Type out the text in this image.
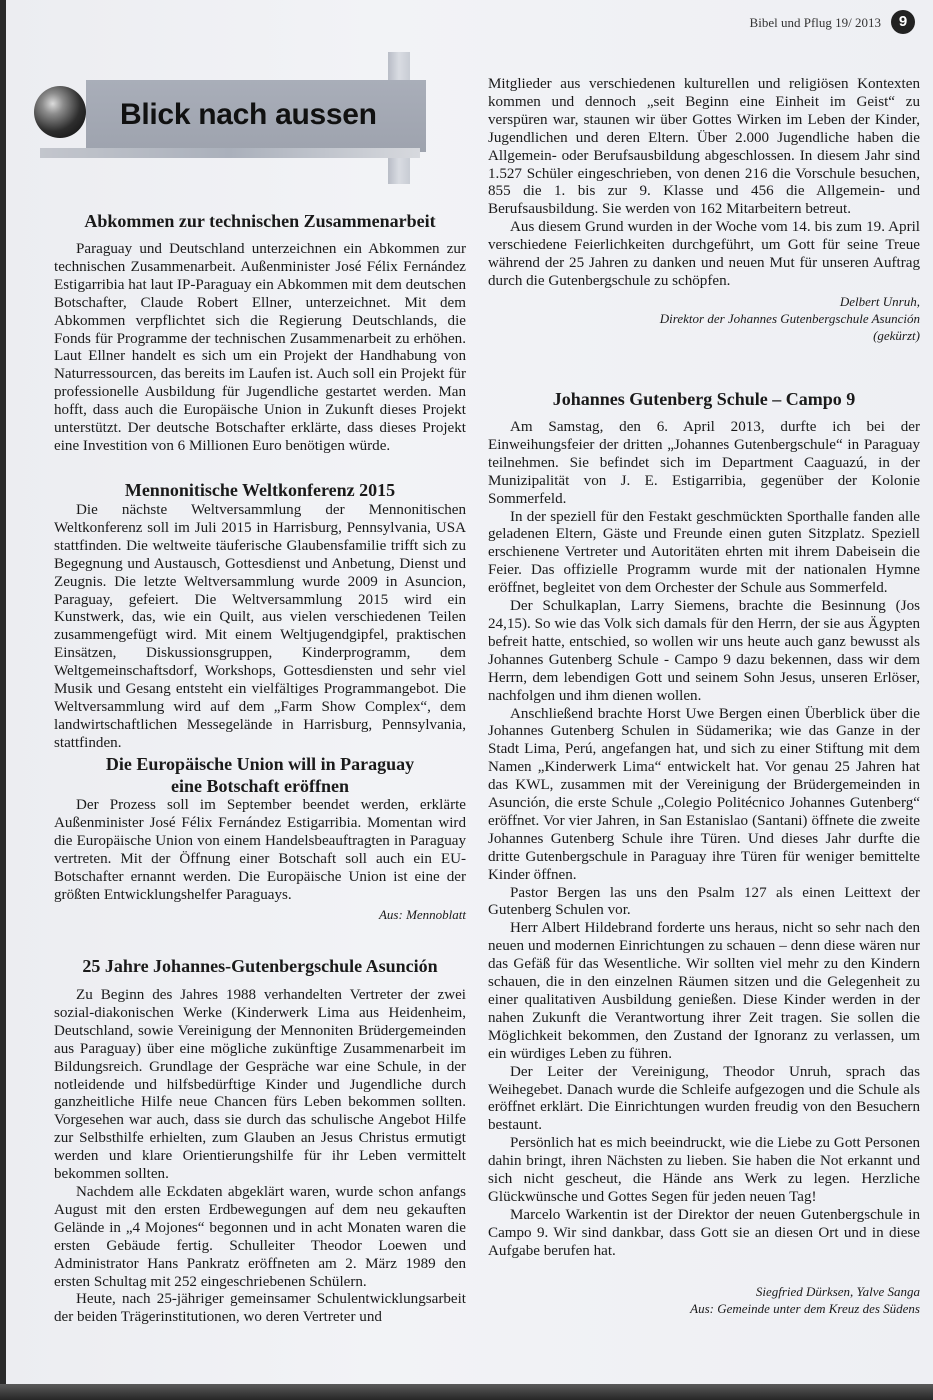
Bibel und Pflug 19/ 2013	9
Blick nach aussen
Abkommen zur technischen Zusammenarbeit

Paraguay und Deutschland unterzeichnen ein Abkommen zur technischen Zusammenarbeit. Außenminister José Félix Fernández Estigarribia hat laut IP-Paraguay ein Abkommen mit dem deutschen Botschafter, Claude Robert Ellner, unterzeichnet. Mit dem Abkommen verpflichtet sich die Regierung Deutschlands, die Fonds für Programme der technischen Zusammenarbeit zu erhöhen. Laut Ellner handelt es sich um ein Projekt der Handhabung von Naturressourcen, das bereits im Laufen ist. Auch soll ein Projekt für professionelle Ausbildung für Jugendliche gestartet werden. Man hofft, dass auch die Europäische Union in Zukunft dieses Projekt unterstützt. Der deutsche Botschafter erklärte, dass dieses Projekt eine Investition von 6 Millionen Euro benötigen würde.

Mennonitische Weltkonferenz 2015

Die nächste Weltversammlung der Mennonitischen Weltkonferenz soll im Juli 2015 in Harrisburg, Pennsylvania, USA stattfinden. Die weltweite täuferische Glaubensfamilie trifft sich zu Begegnung und Austausch, Gottesdienst und Anbetung, Dienst und Zeugnis. Die letzte Weltversammlung wurde 2009 in Asuncion, Paraguay, gefeiert. Die Weltversammlung 2015 wird ein Kunstwerk, das, wie ein Quilt, aus vielen verschiedenen Teilen zusammengefügt wird. Mit einem Weltjugendgipfel, praktischen Einsätzen, Diskussionsgruppen, Kinderprogramm, dem Weltgemeinschaftsdorf, Workshops, Gottesdiensten und sehr viel Musik und Gesang entsteht ein vielfältiges Programmangebot. Die Weltversammlung wird auf dem „Farm Show Complex“, dem landwirtschaftlichen Messegelände in Harrisburg, Pennsylvania, stattfinden.

Die Europäische Union will in Paraguay
eine Botschaft eröffnen

Der Prozess soll im September beendet werden, erklärte Außenminister José Félix Fernández Estigarribia. Momentan wird die Europäische Union von einem Handelsbeauftragten in Paraguay vertreten. Mit der Öffnung einer Botschaft soll auch ein EU-Botschafter ernannt werden. Die Europäische Union ist eine der größten Entwicklungshelfer Paraguays.

Aus: Mennoblatt
25 Jahre Johannes-Gutenbergschule Asunción

Zu Beginn des Jahres 1988 verhandelten Vertreter der zwei sozial-diakonischen Werke (Kinderwerk Lima aus Heidenheim, Deutschland, sowie Vereinigung der Mennoniten Brüdergemeinden aus Paraguay) über eine mögliche zukünftige Zusammenarbeit im Bildungsreich. Grundlage der Gespräche war eine Schule, in der notleidende und hilfsbedürftige Kinder und Jugendliche durch ganzheitliche Hilfe neue Chancen fürs Leben bekommen sollten. Vorgesehen war auch, dass sie durch das schulische Angebot Hilfe zur Selbsthilfe erhielten, zum Glauben an Jesus Christus ermutigt werden und klare Orientierungshilfe für ihr Leben vermittelt bekommen sollten.

Nachdem alle Eckdaten abgeklärt waren, wurde schon anfangs August mit den ersten Erdbewegungen auf dem neu gekauften Gelände in „4 Mojones“ begonnen und in acht Monaten waren die ersten Gebäude fertig. Schulleiter Theodor Loewen und Administrator Hans Pankratz eröffneten am 2. März 1989 den ersten Schultag mit 252 eingeschriebenen Schülern.

Heute, nach 25-jähriger gemeinsamer Schulentwicklungsarbeit der beiden Trägerinstitutionen, wo deren Vertreter und

Mitglieder aus verschiedenen kulturellen und religiösen Kontexten kommen und dennoch „seit Beginn eine Einheit im Geist“ zu verspüren war, staunen wir über Gottes Wirken im Leben der Kinder, Jugendlichen und deren Eltern. Über 2.000 Jugendliche haben die Allgemein- oder Berufsausbildung abgeschlossen. In diesem Jahr sind 1.527 Schüler eingeschrieben, von denen 216 die Vorschule besuchen, 855 die 1. bis zur 9. Klasse und 456 die Allgemein- und Berufsausbildung. Sie werden von 162 Mitarbeitern betreut.

Aus diesem Grund wurden in der Woche vom 14. bis zum 19. April verschiedene Feierlichkeiten durchgeführt, um Gott für seine Treue während der 25 Jahren zu danken und neuen Mut für unseren Auftrag durch die Gutenbergschule zu schöpfen.

Delbert Unruh,
Direktor der Johannes Gutenbergschule Asunción
(gekürzt)
Johannes Gutenberg Schule – Campo 9

Am Samstag, den 6. April 2013, durfte ich bei der Einweihungsfeier der dritten „Johannes Gutenbergschule“ in Paraguay teilnehmen. Sie befindet sich im Department Caaguazú, in der Munizipalität von J. E. Estigarribia, gegenüber der Kolonie Sommerfeld.

In der speziell für den Festakt geschmückten Sporthalle fanden alle geladenen Eltern, Gäste und Freunde einen guten Sitzplatz. Speziell erschienene Vertreter und Autoritäten ehrten mit ihrem Dabeisein die Feier. Das offizielle Programm wurde mit der nationalen Hymne eröffnet, begleitet von dem Orchester der Schule aus Sommerfeld.

Der Schulkaplan, Larry Siemens, brachte die Besinnung (Jos 24,15). So wie das Volk sich damals für den Herrn, der sie aus Ägypten befreit hatte, entschied, so wollen wir uns heute auch ganz bewusst als Johannes Gutenberg Schule - Campo 9 dazu bekennen, dass wir dem Herrn, dem lebendigen Gott und seinem Sohn Jesus, unseren Erlöser, nachfolgen und ihm dienen wollen.

Anschließend brachte Horst Uwe Bergen einen Überblick über die Johannes Gutenberg Schulen in Südamerika; wie das Ganze in der Stadt Lima, Perú, angefangen hat, und sich zu einer Stiftung mit dem Namen „Kinderwerk Lima“ entwickelt hat. Vor genau 25 Jahren hat das KWL, zusammen mit der Vereinigung der Brüdergemeinden in Asunción, die erste Schule „Colegio Politécnico Johannes Gutenberg“ eröffnet. Vor vier Jahren, in San Estanislao (Santani) öffnete die zweite Johannes Gutenberg Schule ihre Türen. Und dieses Jahr durfte die dritte Gutenbergschule in Paraguay ihre Türen für weniger bemittelte Kinder öffnen.

Pastor Bergen las uns den Psalm 127 als einen Leittext der Gutenberg Schulen vor.

Herr Albert Hildebrand forderte uns heraus, nicht so sehr nach den neuen und modernen Einrichtungen zu schauen – denn diese wären nur das Gefäß für das Wesentliche. Wir sollten viel mehr zu den Kindern schauen, die in den einzelnen Räumen sitzen und die Gelegenheit zu einer qualitativen Ausbildung genießen. Diese Kinder werden in der nahen Zukunft die Verantwortung ihrer Zeit tragen. Sie sollen die Möglichkeit bekommen, den Zustand der Ignoranz zu verlassen, um ein würdiges Leben zu führen.

Der Leiter der Vereinigung, Theodor Unruh, sprach das Weihegebet. Danach wurde die Schleife aufgezogen und die Schule als eröffnet erklärt. Die Einrichtungen wurden freudig von den Besuchern bestaunt.

Persönlich hat es mich beeindruckt, wie die Liebe zu Gott Personen dahin bringt, ihren Nächsten zu lieben. Sie haben die Not erkannt und sich nicht gescheut, die Hände ans Werk zu legen. Herzliche Glückwünsche und Gottes Segen für jeden neuen Tag!

Marcelo Warkentin ist der Direktor der neuen Gutenbergschule in Campo 9. Wir sind dankbar, dass Gott sie an diesen Ort und in diese Aufgabe berufen hat.

Siegfried Dürksen, Yalve Sanga
Aus: Gemeinde unter dem Kreuz des Südens
